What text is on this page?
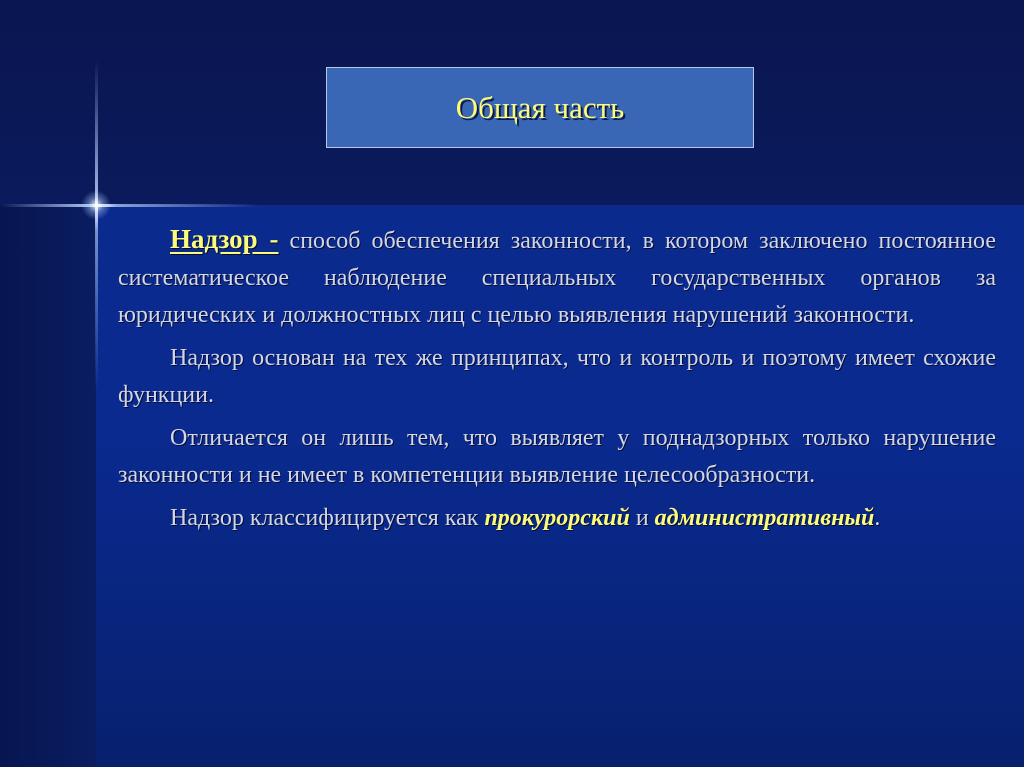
Общая часть

Надзор - способ обеспечения законности, в котором заключено постоянное систематическое наблюдение специальных государственных органов за юридических и должностных лиц с целью выявления нарушений законности.

Надзор основан на тех же принципах, что и контроль и поэтому имеет схожие функции.

Отличается он лишь тем, что выявляет у поднадзорных только нарушение законности и не имеет в компетенции выявление целесообразности.

Надзор классифицируется как прокурорский и административный.
